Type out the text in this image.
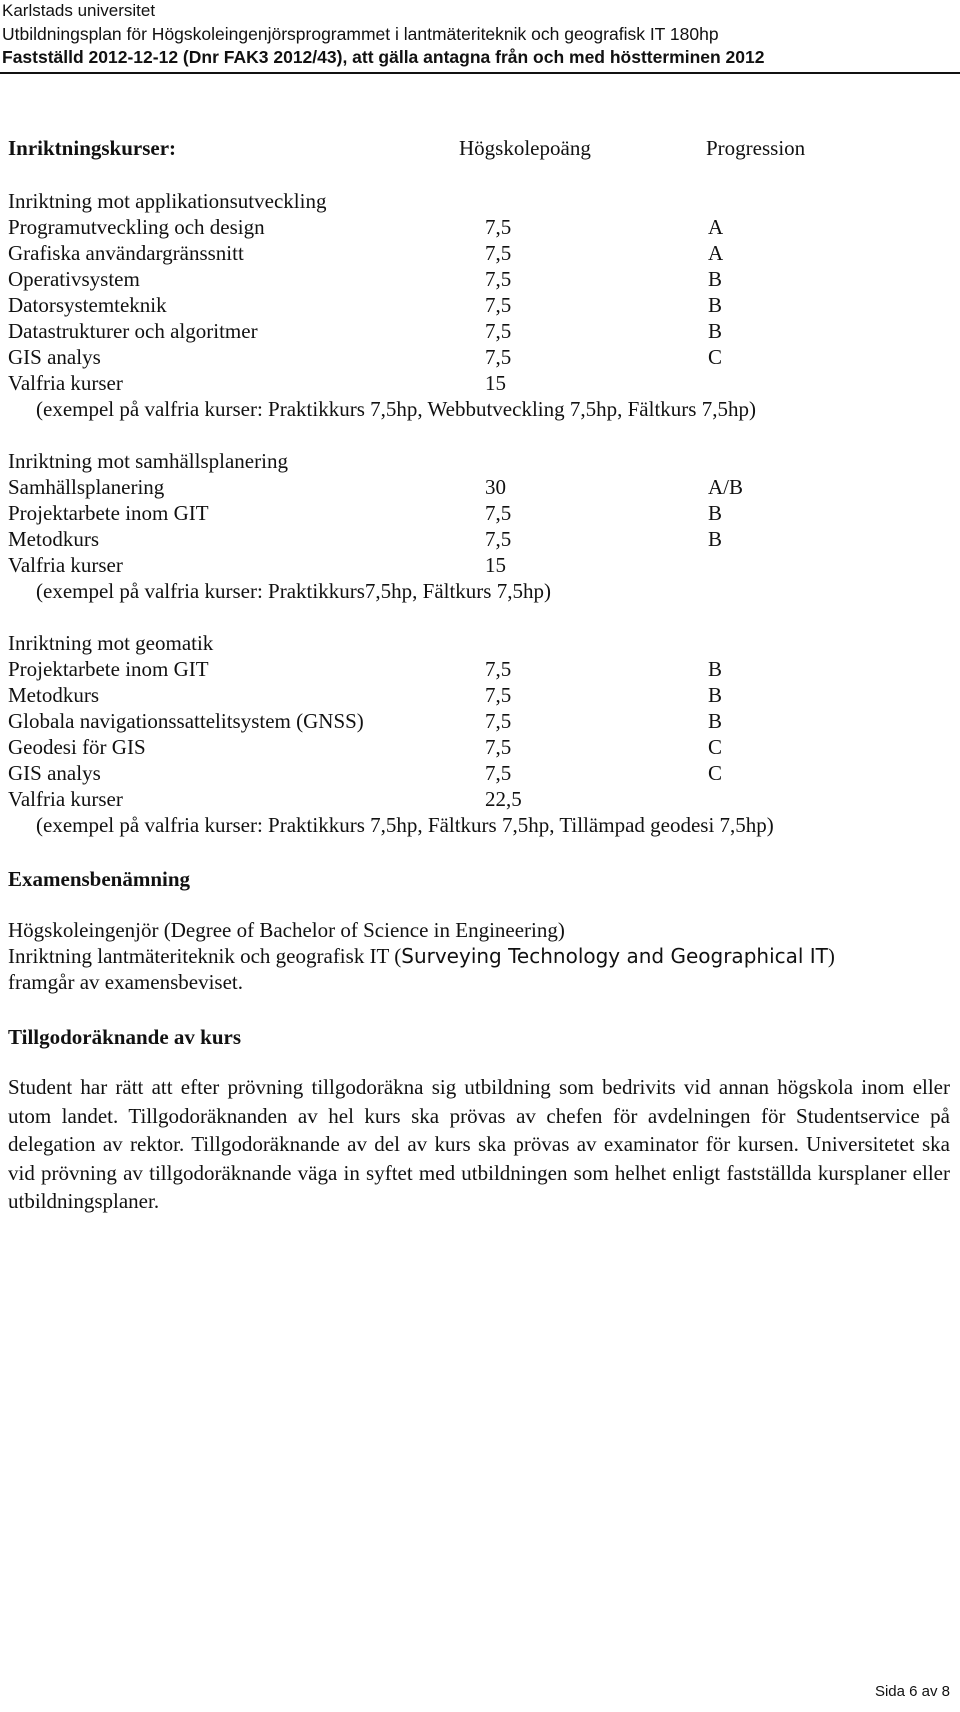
Karlstads universitet
Utbildningsplan för Högskoleingenjörsprogrammet i lantmäteriteknik och geografisk IT 180hp
Fastställd 2012-12-12 (Dnr FAK3 2012/43), att gälla antagna från och med höstterminen 2012
Inriktningskurser:	Högskolepoäng	Progression
Inriktning mot applikationsutveckling
Programutveckling och design	7,5	A
Grafiska användargränssnitt	7,5	A
Operativsystem	7,5	B
Datorsystemteknik	7,5	B
Datastrukturer och algoritmer	7,5	B
GIS analys	7,5	C
Valfria kurser	15
(exempel på valfria kurser: Praktikkurs 7,5hp, Webbutveckling 7,5hp, Fältkurs 7,5hp)
Inriktning mot samhällsplanering
Samhällsplanering	30	A/B
Projektarbete inom GIT	7,5	B
Metodkurs	7,5	B
Valfria kurser	15
(exempel på valfria kurser: Praktikkurs7,5hp, Fältkurs 7,5hp)
Inriktning mot geomatik
Projektarbete inom GIT	7,5	B
Metodkurs	7,5	B
Globala navigationssattelitsystem (GNSS)	7,5	B
Geodesi för GIS	7,5	C
GIS analys	7,5	C
Valfria kurser	22,5
(exempel på valfria kurser: Praktikkurs 7,5hp, Fältkurs 7,5hp, Tillämpad geodesi 7,5hp)
Examensbenämning
Högskoleingenjör (Degree of Bachelor of Science in Engineering)
Inriktning lantmäteriteknik och geografisk IT (Surveying Technology and Geographical IT)
framgår av examensbeviset.
Tillgodoräknande av kurs
Student har rätt att efter prövning tillgodoräkna sig utbildning som bedrivits vid annan högskola inom eller utom landet. Tillgodoräknanden av hel kurs ska prövas av chefen för avdelningen för Studentservice på delegation av rektor. Tillgodoräknande av del av kurs ska prövas av examinator för kursen. Universitetet ska vid prövning av tillgodoräknande väga in syftet med utbildningen som helhet enligt fastställda kursplaner eller utbildningsplaner.
Sida 6 av 8
